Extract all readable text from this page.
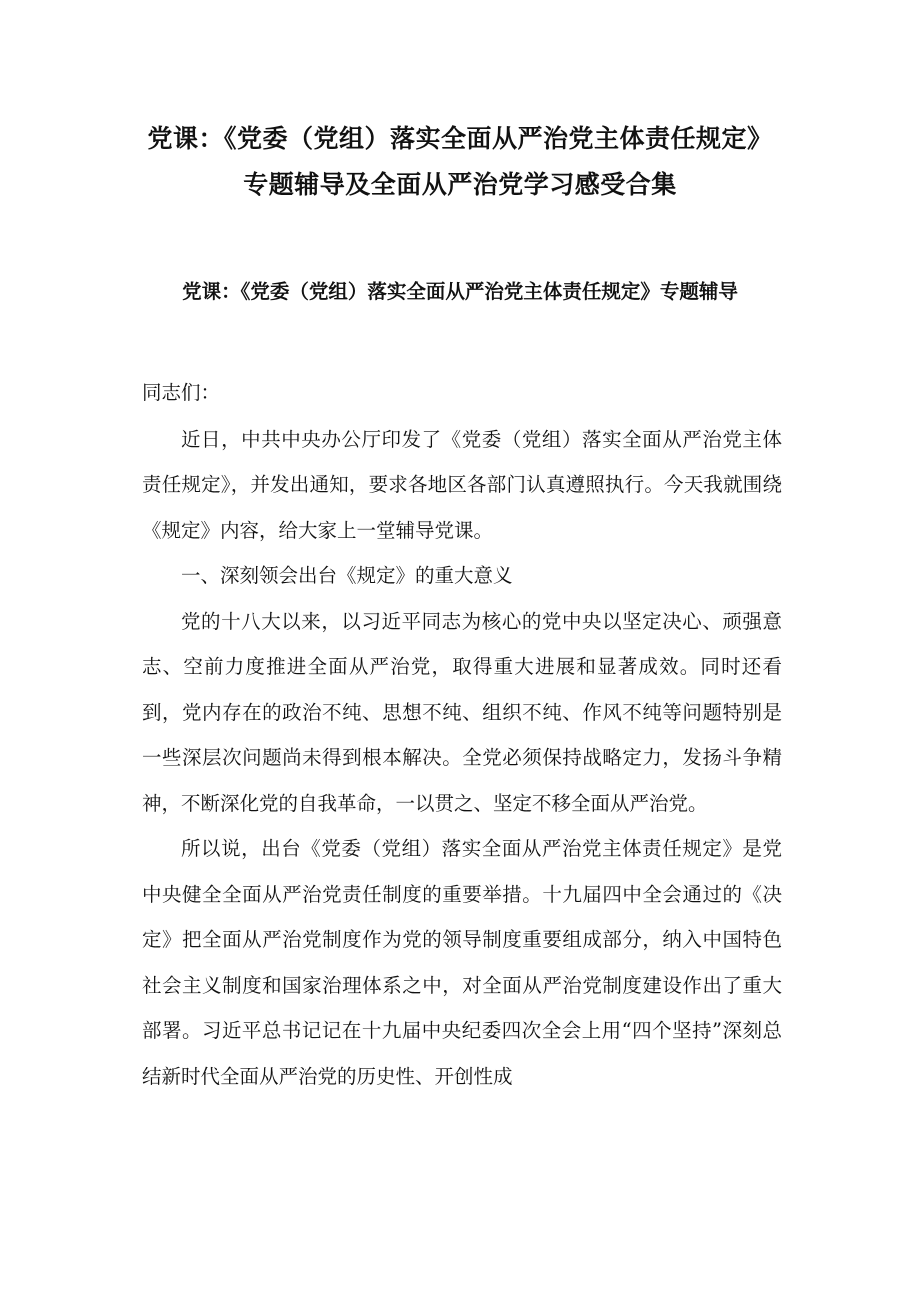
党课：《党委（党组）落实全面从严治党主体责任规定》专题辅导及全面从严治党学习感受合集
党课：《党委（党组）落实全面从严治党主体责任规定》专题辅导

同志们：

近日，中共中央办公厅印发了《党委（党组）落实全面从严治党主体责任规定》，并发出通知，要求各地区各部门认真遵照执行。今天我就围绕《规定》内容，给大家上一堂辅导党课。

一、深刻领会出台《规定》的重大意义

党的十八大以来，以习近平同志为核心的党中央以坚定决心、顽强意志、空前力度推进全面从严治党，取得重大进展和显著成效。同时还看到，党内存在的政治不纯、思想不纯、组织不纯、作风不纯等问题特别是一些深层次问题尚未得到根本解决。全党必须保持战略定力，发扬斗争精神，不断深化党的自我革命，一以贯之、坚定不移全面从严治党。

所以说，出台《党委（党组）落实全面从严治党主体责任规定》是党中央健全全面从严治党责任制度的重要举措。十九届四中全会通过的《决定》把全面从严治党制度作为党的领导制度重要组成部分，纳入中国特色社会主义制度和国家治理体系之中，对全面从严治党制度建设作出了重大部署。习近平总书记记在十九届中央纪委四次全会上用“四个坚持”深刻总结新时代全面从严治党的历史性、开创性成
